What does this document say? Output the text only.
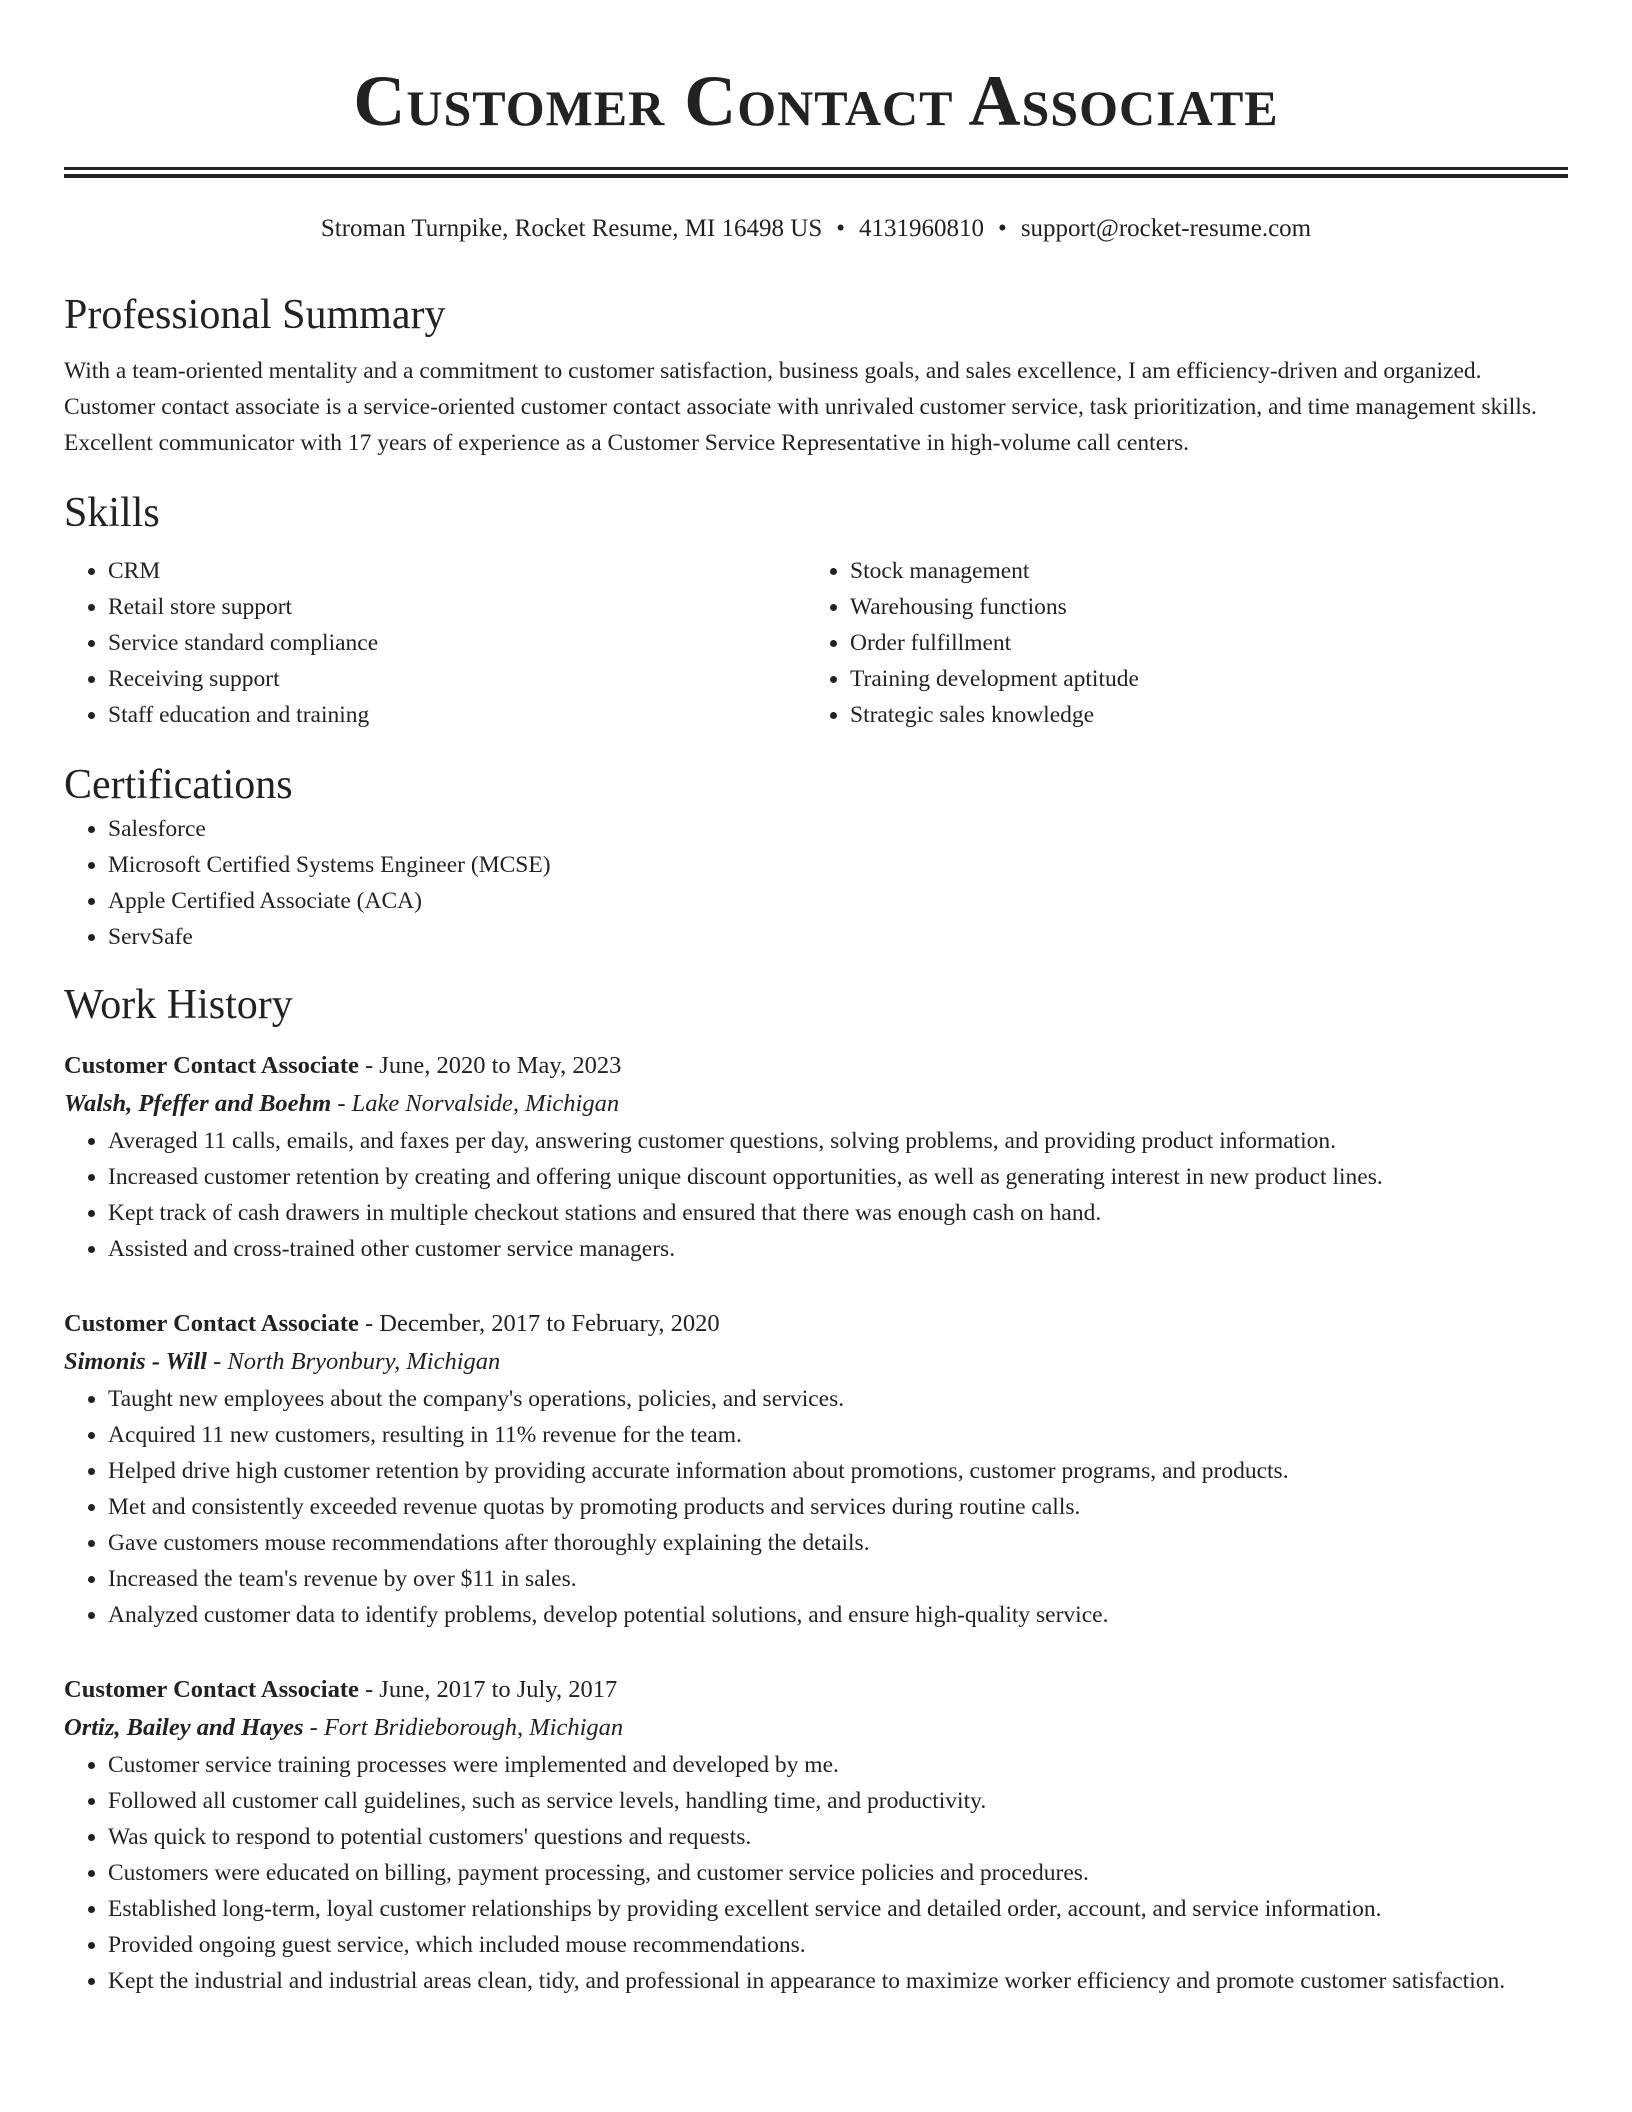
Customer Contact Associate
Stroman Turnpike, Rocket Resume, MI 16498 US • 4131960810 • support@rocket-resume.com
Professional Summary

With a team-oriented mentality and a commitment to customer satisfaction, business goals, and sales excellence, I am efficiency-driven and organized. Customer contact associate is a service-oriented customer contact associate with unrivaled customer service, task prioritization, and time management skills. Excellent communicator with 17 years of experience as a Customer Service Representative in high-volume call centers.

Skills
• CRM
• Retail store support
• Service standard compliance
• Receiving support
• Staff education and training
• Stock management
• Warehousing functions
• Order fulfillment
• Training development aptitude
• Strategic sales knowledge
Certifications
• Salesforce
• Microsoft Certified Systems Engineer (MCSE)
• Apple Certified Associate (ACA)
• ServSafe
Work History
Customer Contact Associate - June, 2020 to May, 2023
Walsh, Pfeffer and Boehm - Lake Norvalside, Michigan
• Averaged 11 calls, emails, and faxes per day, answering customer questions, solving problems, and providing product information.
• Increased customer retention by creating and offering unique discount opportunities, as well as generating interest in new product lines.
• Kept track of cash drawers in multiple checkout stations and ensured that there was enough cash on hand.
• Assisted and cross-trained other customer service managers.
Customer Contact Associate - December, 2017 to February, 2020
Simonis - Will - North Bryonbury, Michigan
• Taught new employees about the company's operations, policies, and services.
• Acquired 11 new customers, resulting in 11% revenue for the team.
• Helped drive high customer retention by providing accurate information about promotions, customer programs, and products.
• Met and consistently exceeded revenue quotas by promoting products and services during routine calls.
• Gave customers mouse recommendations after thoroughly explaining the details.
• Increased the team's revenue by over $11 in sales.
• Analyzed customer data to identify problems, develop potential solutions, and ensure high-quality service.
Customer Contact Associate - June, 2017 to July, 2017
Ortiz, Bailey and Hayes - Fort Bridieborough, Michigan
• Customer service training processes were implemented and developed by me.
• Followed all customer call guidelines, such as service levels, handling time, and productivity.
• Was quick to respond to potential customers' questions and requests.
• Customers were educated on billing, payment processing, and customer service policies and procedures.
• Established long-term, loyal customer relationships by providing excellent service and detailed order, account, and service information.
• Provided ongoing guest service, which included mouse recommendations.
• Kept the industrial and industrial areas clean, tidy, and professional in appearance to maximize worker efficiency and promote customer satisfaction.
